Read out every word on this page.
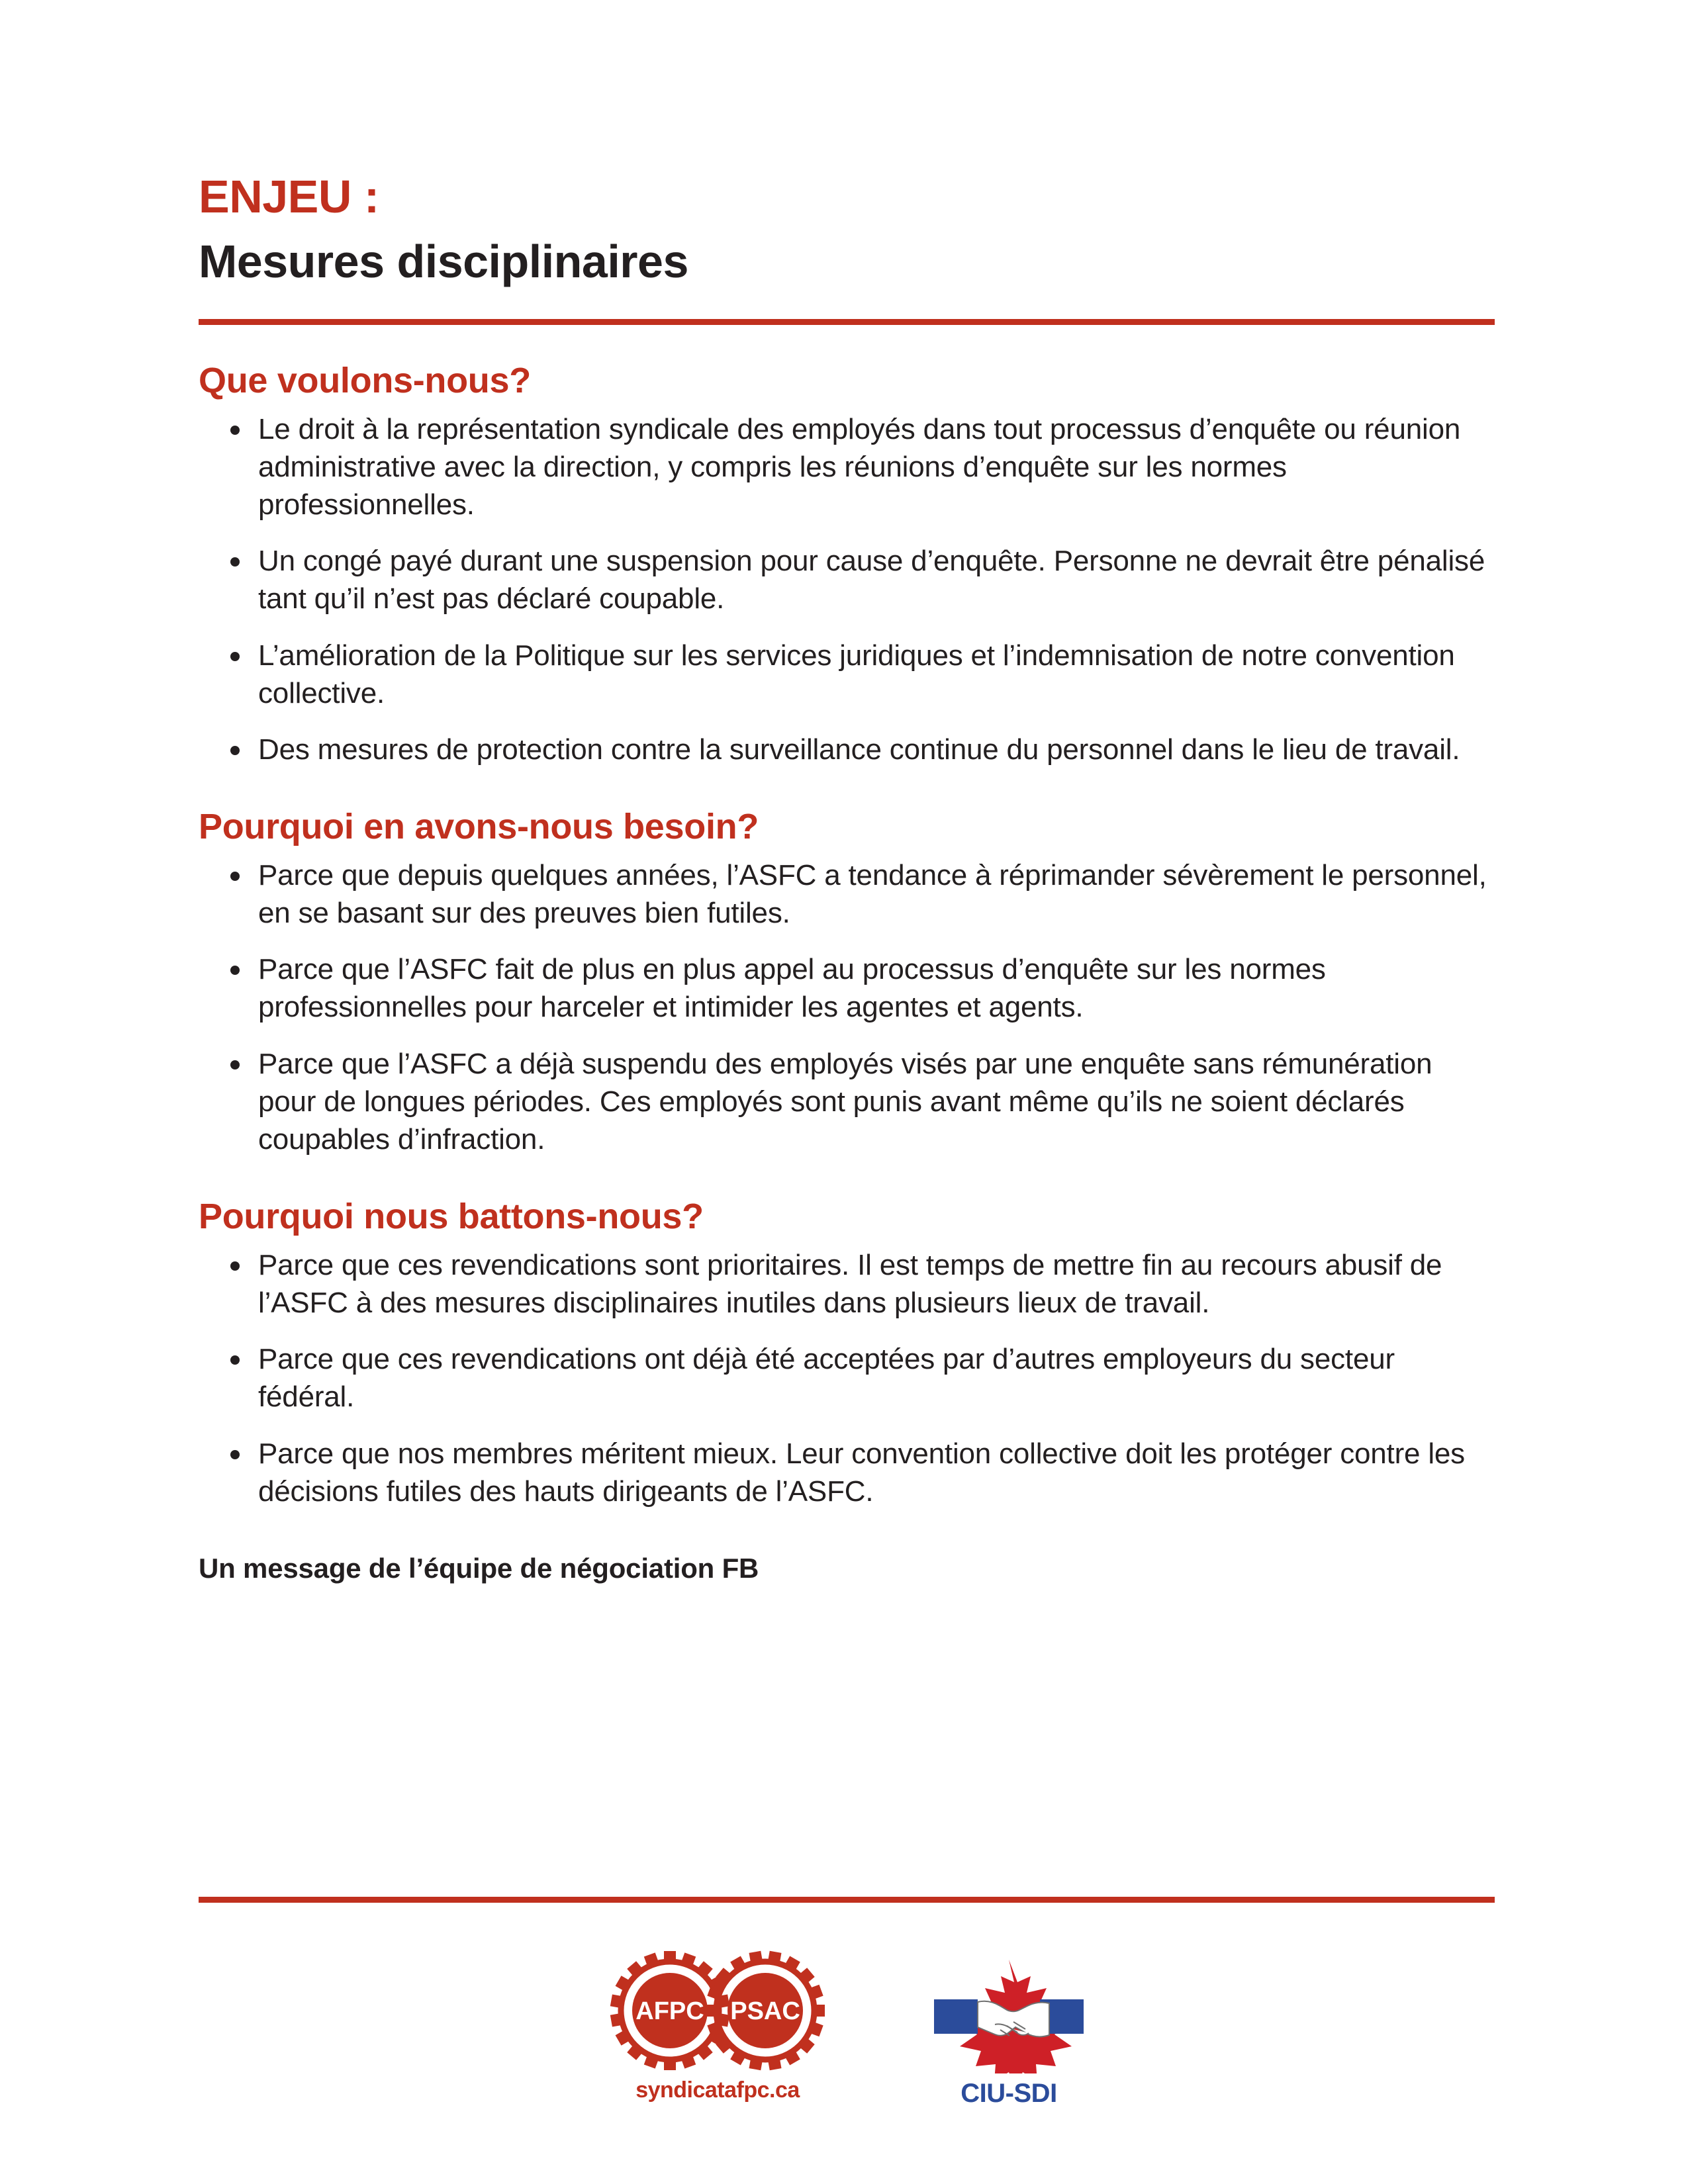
ENJEU :
Mesures disciplinaires
Que voulons-nous?
Le droit à la représentation syndicale des employés dans tout processus d’enquête ou réunion administrative avec la direction, y compris les réunions d’enquête sur les normes professionnelles.
Un congé payé durant une suspension pour cause d’enquête. Personne ne devrait être pénalisé tant qu’il n’est pas déclaré coupable.
L’amélioration de la Politique sur les services juridiques et l’indemnisation de notre convention collective.
Des mesures de protection contre la surveillance continue du personnel dans le lieu de travail.
Pourquoi en avons-nous besoin?
Parce que depuis quelques années, l’ASFC a tendance à réprimander sévèrement le personnel, en se basant sur des preuves bien futiles.
Parce que l’ASFC fait de plus en plus appel au processus d’enquête sur les normes professionnelles pour harceler et intimider les agentes et agents.
Parce que l’ASFC a déjà suspendu des employés visés par une enquête sans rémunération pour de longues périodes. Ces employés sont punis avant même qu’ils ne soient déclarés coupables d’infraction.
Pourquoi nous battons-nous?
Parce que ces revendications sont prioritaires. Il est temps de mettre fin au recours abusif de l’ASFC à des mesures disciplinaires inutiles dans plusieurs lieux de travail.
Parce que ces revendications ont déjà été acceptées par d’autres employeurs du secteur fédéral.
Parce que nos membres méritent mieux. Leur convention collective doit les protéger contre les décisions futiles des hauts dirigeants de l’ASFC.
Un message de l’équipe de négociation FB
AFPC PSAC
syndicatafpc.ca	CIU-SDI
